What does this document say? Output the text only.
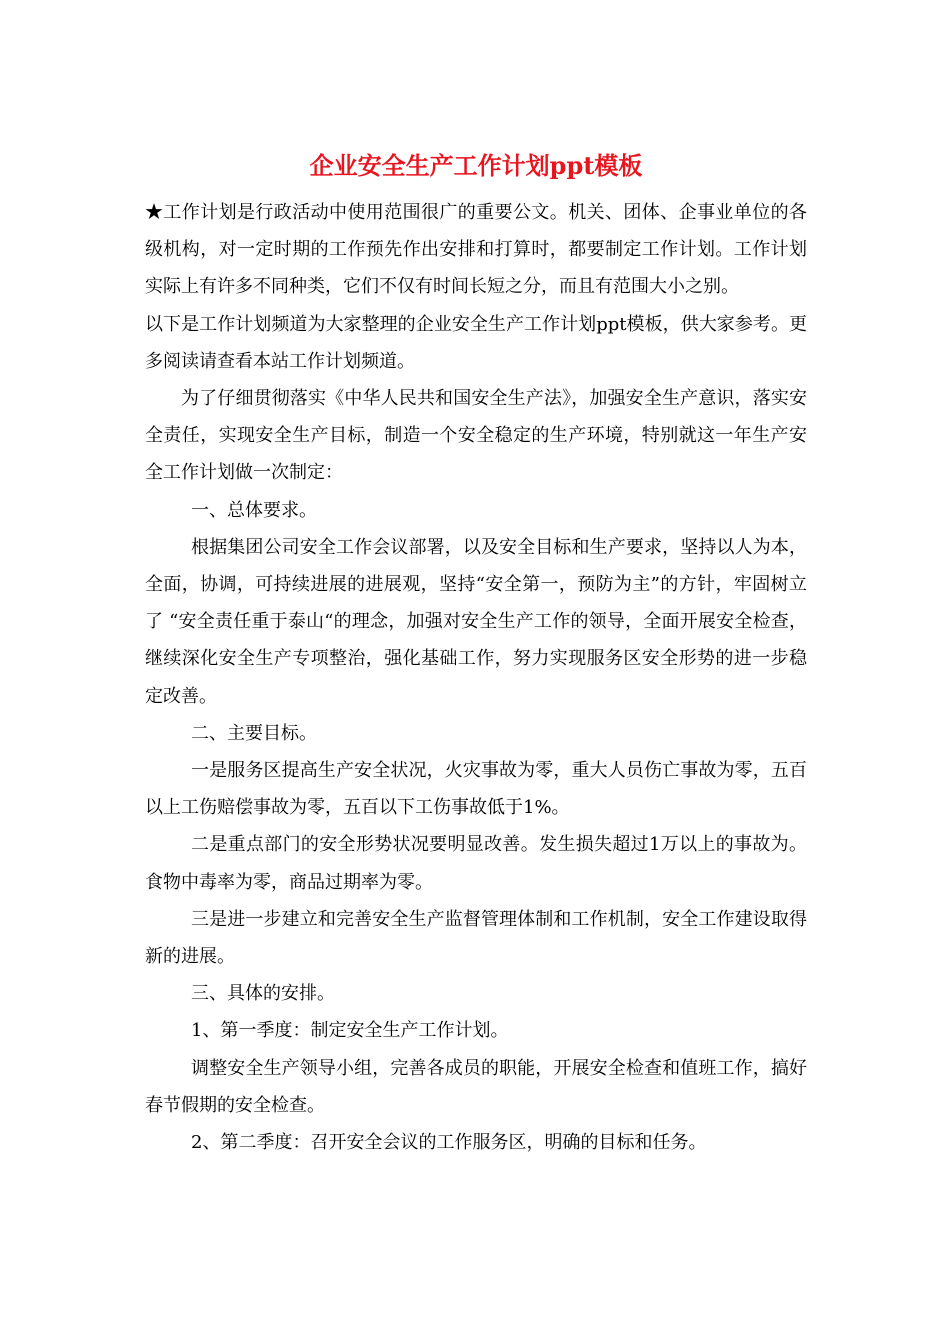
企业安全生产工作计划ppt模板

★工作计划是行政活动中使用范围很广的重要公文。机关、团体、企事业单位的各级机构，对一定时期的工作预先作出安排和打算时，都要制定工作计划。工作计划实际上有许多不同种类，它们不仅有时间长短之分，而且有范围大小之别。

以下是工作计划频道为大家整理的企业安全生产工作计划ppt模板，供大家参考。更多阅读请查看本站工作计划频道。

为了仔细贯彻落实《中华人民共和国安全生产法》，加强安全生产意识，落实安全责任，实现安全生产目标，制造一个安全稳定的生产环境，特别就这一年生产安全工作计划做一次制定：

一、总体要求。

根据集团公司安全工作会议部署，以及安全目标和生产要求，坚持以人为本，全面，协调，可持续进展的进展观，坚持“安全第一，预防为主”的方针，牢固树立了 “安全责任重于泰山“的理念，加强对安全生产工作的领导，全面开展安全检查，继续深化安全生产专项整治，强化基础工作，努力实现服务区安全形势的进一步稳定改善。

二、主要目标。

一是服务区提高生产安全状况，火灾事故为零，重大人员伤亡事故为零，五百以上工伤赔偿事故为零，五百以下工伤事故低于1%。

二是重点部门的安全形势状况要明显改善。发生损失超过1万以上的事故为。食物中毒率为零，商品过期率为零。

三是进一步建立和完善安全生产监督管理体制和工作机制，安全工作建设取得新的进展。

三、具体的安排。

1、第一季度：制定安全生产工作计划。

调整安全生产领导小组，完善各成员的职能，开展安全检查和值班工作，搞好春节假期的安全检查。

2、第二季度：召开安全会议的工作服务区，明确的目标和任务。
